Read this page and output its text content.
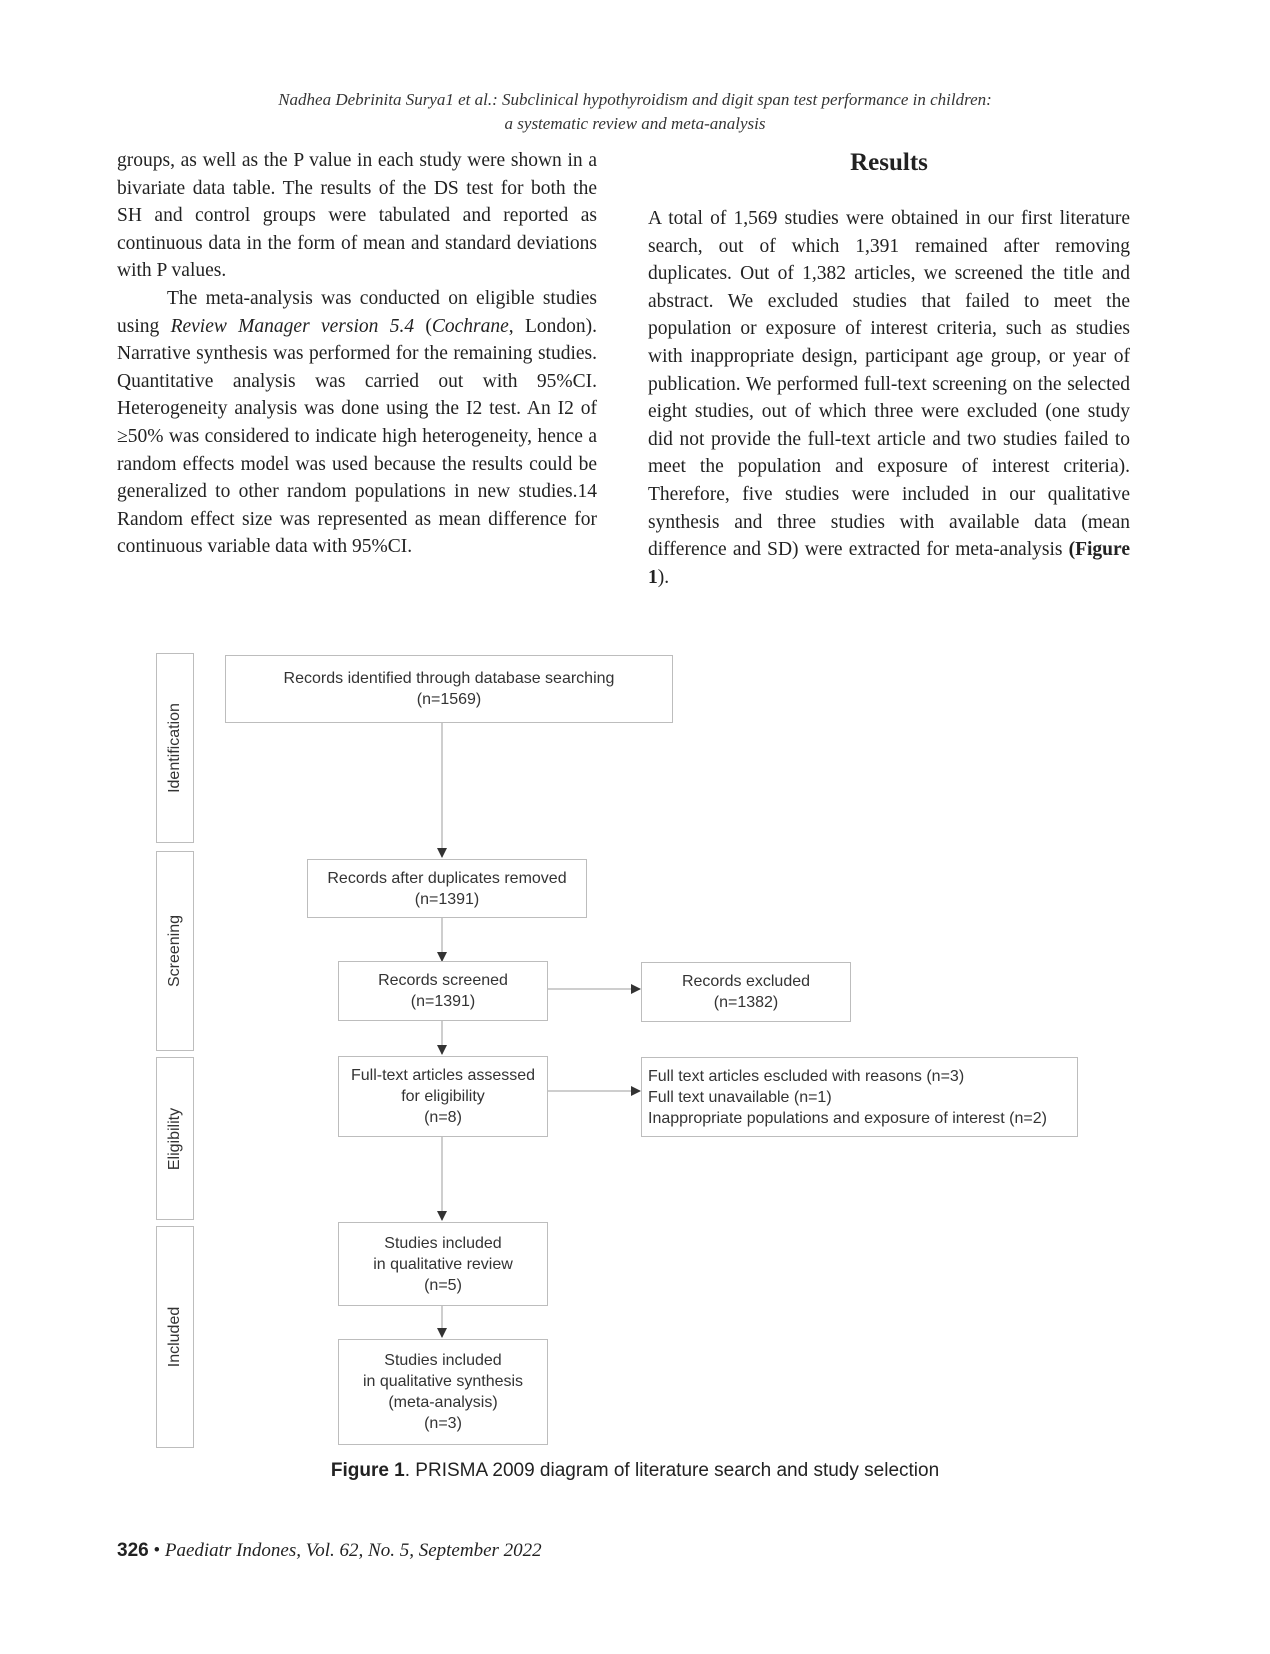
Nadhea Debrinita Surya1 et al.: Subclinical hypothyroidism and digit span test performance in children:
a systematic review and meta-analysis

groups, as well as the P value in each study were shown in a bivariate data table. The results of the DS test for both the SH and control groups were tabulated and reported as continuous data in the form of mean and standard deviations with P values.

The meta-analysis was conducted on eligible studies using Review Manager version 5.4 (Cochrane, London). Narrative synthesis was performed for the remaining studies. Quantitative analysis was carried out with 95%CI. Heterogeneity analysis was done using the I2 test. An I2 of ≥50% was considered to indicate high heterogeneity, hence a random effects model was used because the results could be generalized to other random populations in new studies.14 Random effect size was represented as mean difference for continuous variable data with 95%CI.

Results

A total of 1,569 studies were obtained in our first literature search, out of which 1,391 remained after removing duplicates. Out of 1,382 articles, we screened the title and abstract. We excluded studies that failed to meet the population or exposure of interest criteria, such as studies with inappropriate design, participant age group, or year of publication. We performed full-text screening on the selected eight studies, out of which three were excluded (one study did not provide the full-text article and two studies failed to meet the population and exposure of interest criteria). Therefore, five studies were included in our qualitative synthesis and three studies with available data (mean difference and SD) were extracted for meta-analysis (Figure 1).

Identification
Screening
Eligibility
Included
Records identified through database searching
(n=1569)
Records after duplicates removed
(n=1391)
Records screened
(n=1391)
Records excluded
(n=1382)
Full-text articles assessed
for eligibility
(n=8)
Full text articles escluded with reasons (n=3)
Full text unavailable (n=1)
Inappropriate populations and exposure of interest (n=2)
Studies included
in qualitative review
(n=5)
Studies included
in qualitative synthesis
(meta-analysis)
(n=3)
Figure 1. PRISMA 2009 diagram of literature search and study selection
326 • Paediatr Indones, Vol. 62, No. 5, September 2022
